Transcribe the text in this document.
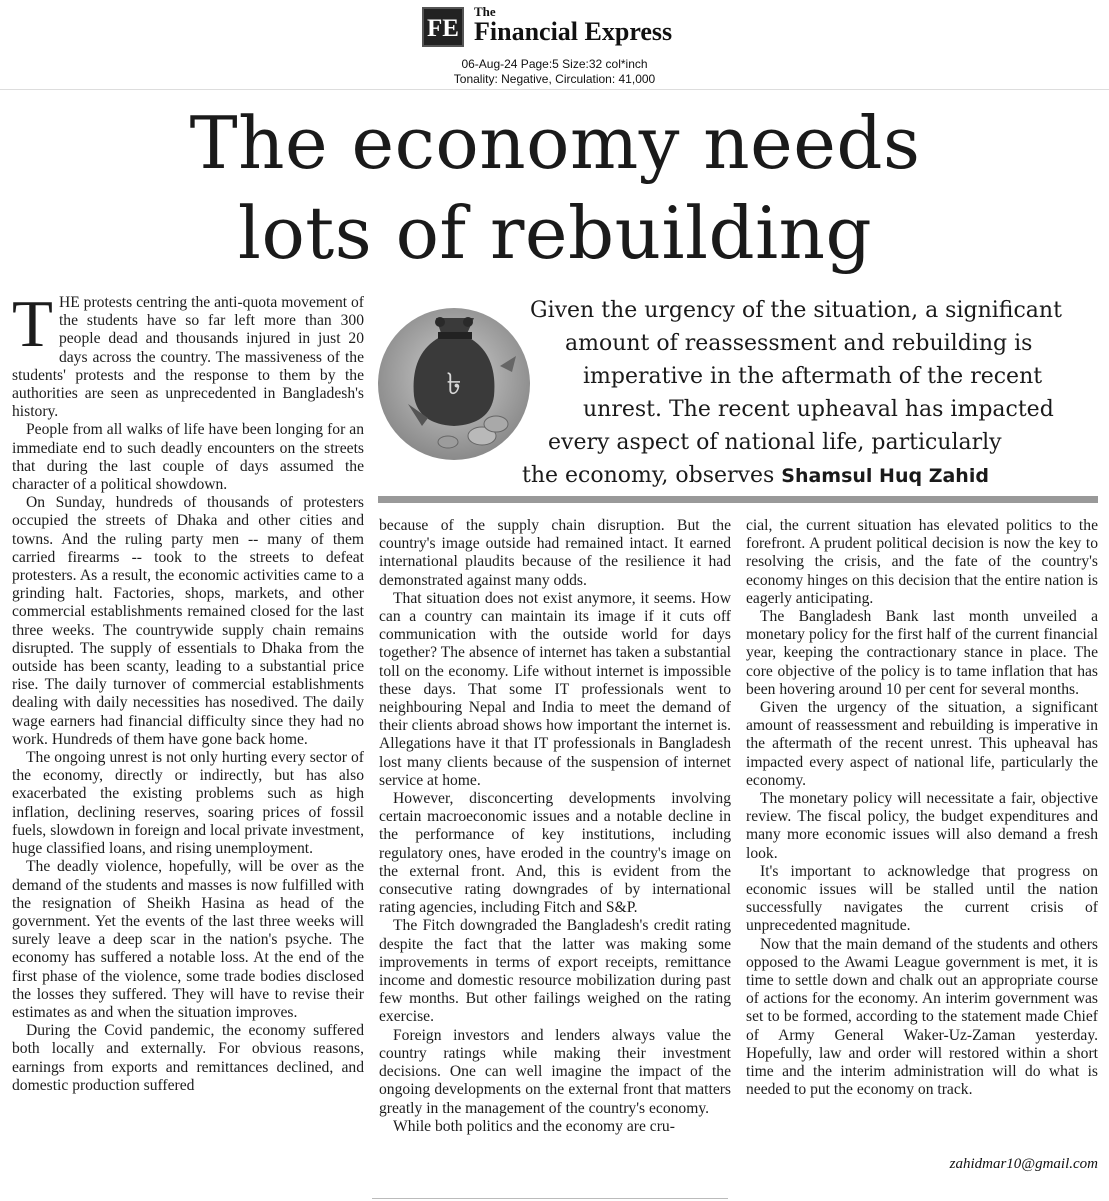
FE
The
Financial Express
06-Aug-24 Page:5 Size:32 col*inch
Tonality: Negative, Circulation: 41,000
The economy needs
lots of rebuilding
৳
Given the urgency of the situation, a significant
amount of reassessment and rebuilding is
imperative in the aftermath of the recent
unrest. The recent upheaval has impacted
every aspect of national life, particularly
the economy, observes Shamsul Huq Zahid

THE protests centring the anti-quota movement of the students have so far left more than 300 people dead and thousands injured in just 20 days across the country. The massiveness of the students' protests and the response to them by the authorities are seen as unprecedented in Bangladesh's history.

People from all walks of life have been longing for an immediate end to such deadly encounters on the streets that during the last couple of days assumed the character of a political showdown.

On Sunday, hundreds of thousands of protesters occupied the streets of Dhaka and other cities and towns. And the ruling party men -- many of them carried firearms -- took to the streets to defeat protesters. As a result, the economic activities came to a grinding halt. Factories, shops, markets, and other commercial establishments remained closed for the last three weeks. The countrywide supply chain remains disrupted. The supply of essentials to Dhaka from the outside has been scanty, leading to a substantial price rise. The daily turnover of commercial establishments dealing with daily necessities has nosedived. The daily wage earners had financial difficulty since they had no work. Hundreds of them have gone back home.

The ongoing unrest is not only hurting every sector of the economy, directly or indirectly, but has also exacerbated the existing problems such as high inflation, declining reserves, soaring prices of fossil fuels, slowdown in foreign and local private investment, huge classified loans, and rising unemployment.

The deadly violence, hopefully, will be over as the demand of the students and masses is now fulfilled with the resignation of Sheikh Hasina as head of the government. Yet the events of the last three weeks will surely leave a deep scar in the nation's psyche. The economy has suffered a notable loss. At the end of the first phase of the violence, some trade bodies disclosed the losses they suffered. They will have to revise their estimates as and when the situation improves.

During the Covid pandemic, the economy suffered both locally and externally. For obvious reasons, earnings from exports and remittances declined, and domestic production suffered

because of the supply chain disruption. But the country's image outside had remained intact. It earned international plaudits because of the resilience it had demonstrated against many odds.

That situation does not exist anymore, it seems. How can a country can maintain its image if it cuts off communication with the outside world for days together? The absence of internet has taken a substantial toll on the economy. Life without internet is impossible these days. That some IT professionals went to neighbouring Nepal and India to meet the demand of their clients abroad shows how important the internet is. Allegations have it that IT professionals in Bangladesh lost many clients because of the suspension of internet service at home.

However, disconcerting developments involving certain macroeconomic issues and a notable decline in the performance of key institutions, including regulatory ones, have eroded in the country's image on the external front. And, this is evident from the consecutive rating downgrades of by international rating agencies, including Fitch and S&P.

The Fitch downgraded the Bangladesh's credit rating despite the fact that the latter was making some improvements in terms of export receipts, remittance income and domestic resource mobilization during past few months. But other failings weighed on the rating exercise.

Foreign investors and lenders always value the country ratings while making their investment decisions. One can well imagine the impact of the ongoing developments on the external front that matters greatly in the management of the country's economy.

While both politics and the economy are cru-

cial, the current situation has elevated politics to the forefront. A prudent political decision is now the key to resolving the crisis, and the fate of the country's economy hinges on this decision that the entire nation is eagerly anticipating.

The Bangladesh Bank last month unveiled a monetary policy for the first half of the current financial year, keeping the contractionary stance in place. The core objective of the policy is to tame inflation that has been hovering around 10 per cent for several months.

Given the urgency of the situation, a significant amount of reassessment and rebuilding is imperative in the aftermath of the recent unrest. This upheaval has impacted every aspect of national life, particularly the economy.

The monetary policy will necessitate a fair, objective review. The fiscal policy, the budget expenditures and many more economic issues will also demand a fresh look.

It's important to acknowledge that progress on economic issues will be stalled until the nation successfully navigates the current crisis of unprecedented magnitude.

Now that the main demand of the students and others opposed to the Awami League government is met, it is time to settle down and chalk out an appropriate course of actions for the economy. An interim government was set to be formed, according to the statement made Chief of Army General Waker-Uz-Zaman yesterday. Hopefully, law and order will restored within a short time and the interim administration will do what is needed to put the economy on track.

zahidmar10@gmail.com
